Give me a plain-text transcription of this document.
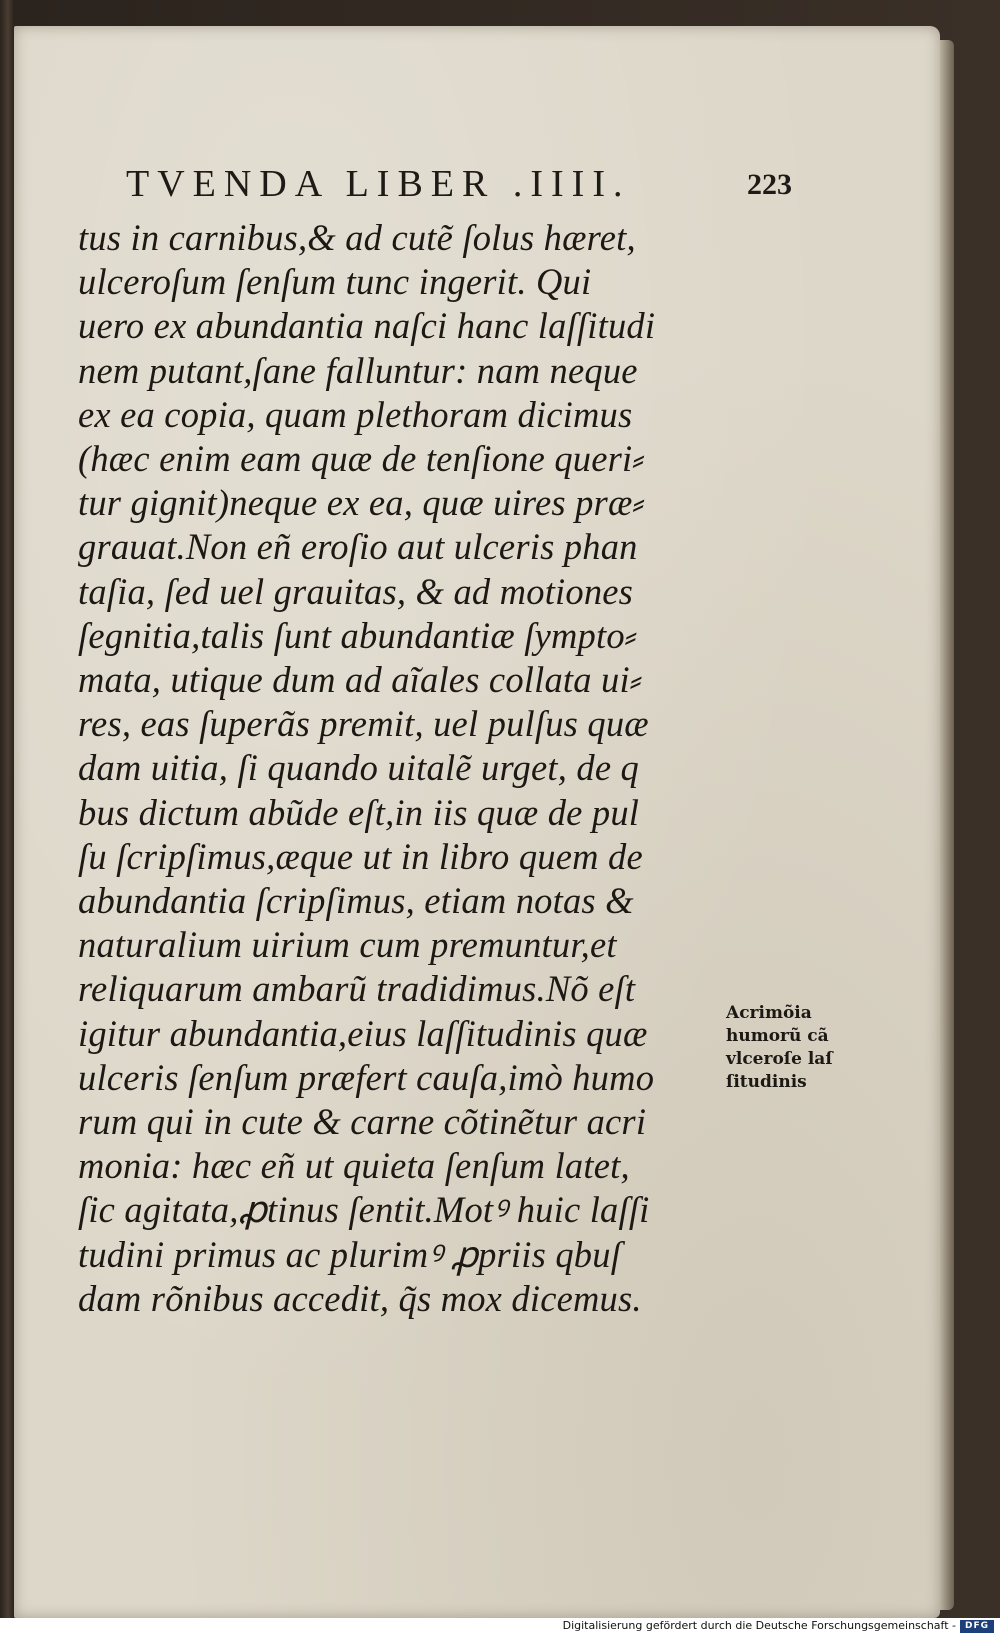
TVENDA LIBER .IIII.	223
tus in carnibus,& ad cutẽ ſolus hæret,
ulceroſum ſenſum tunc ingerit. Qui
uero ex abundantia naſci hanc laſſitudi
nem putant,ſane falluntur: nam neque
ex ea copia, quam plethoram dicimus
(hæc enim eam quæ de tenſione queri⸗
tur gignit)neque ex ea, quæ uires præ⸗
grauat.Non eñ eroſio aut ulceris phan
taſia, ſed uel grauitas, & ad motiones
ſegnitia,talis ſunt abundantiæ ſympto⸗
mata, utique dum ad aĩales collata ui⸗
res, eas ſuperãs premit, uel pulſus quæ
dam uitia, ſi quando uitalẽ urget, de q
bus dictum abũde eſt,in iis quæ de pul
ſu ſcripſimus,æque ut in libro quem de
abundantia ſcripſimus, etiam notas &
naturalium uirium cum premuntur,et
reliquarum ambarũ tradidimus.Nõ eſt
igitur abundantia,eius laſſitudinis quæ
ulceris ſenſum præfert cauſa,imò humo
rum qui in cute & carne cõtinẽtur acri
monia: hæc eñ ut quieta ſenſum latet,
ſic agitata,ꝓtinus ſentit.Motꝰ huic laſſi
tudini primus ac plurimꝰ ꝓpriis qbuſ
dam rõnibus accedit, q̃s mox dicemus.
Acrimõia
humorũ cã
vlceroſe laſ
ſitudinis
Digitalisierung gefördert durch die Deutsche Forschungsgemeinschaft - DFG
